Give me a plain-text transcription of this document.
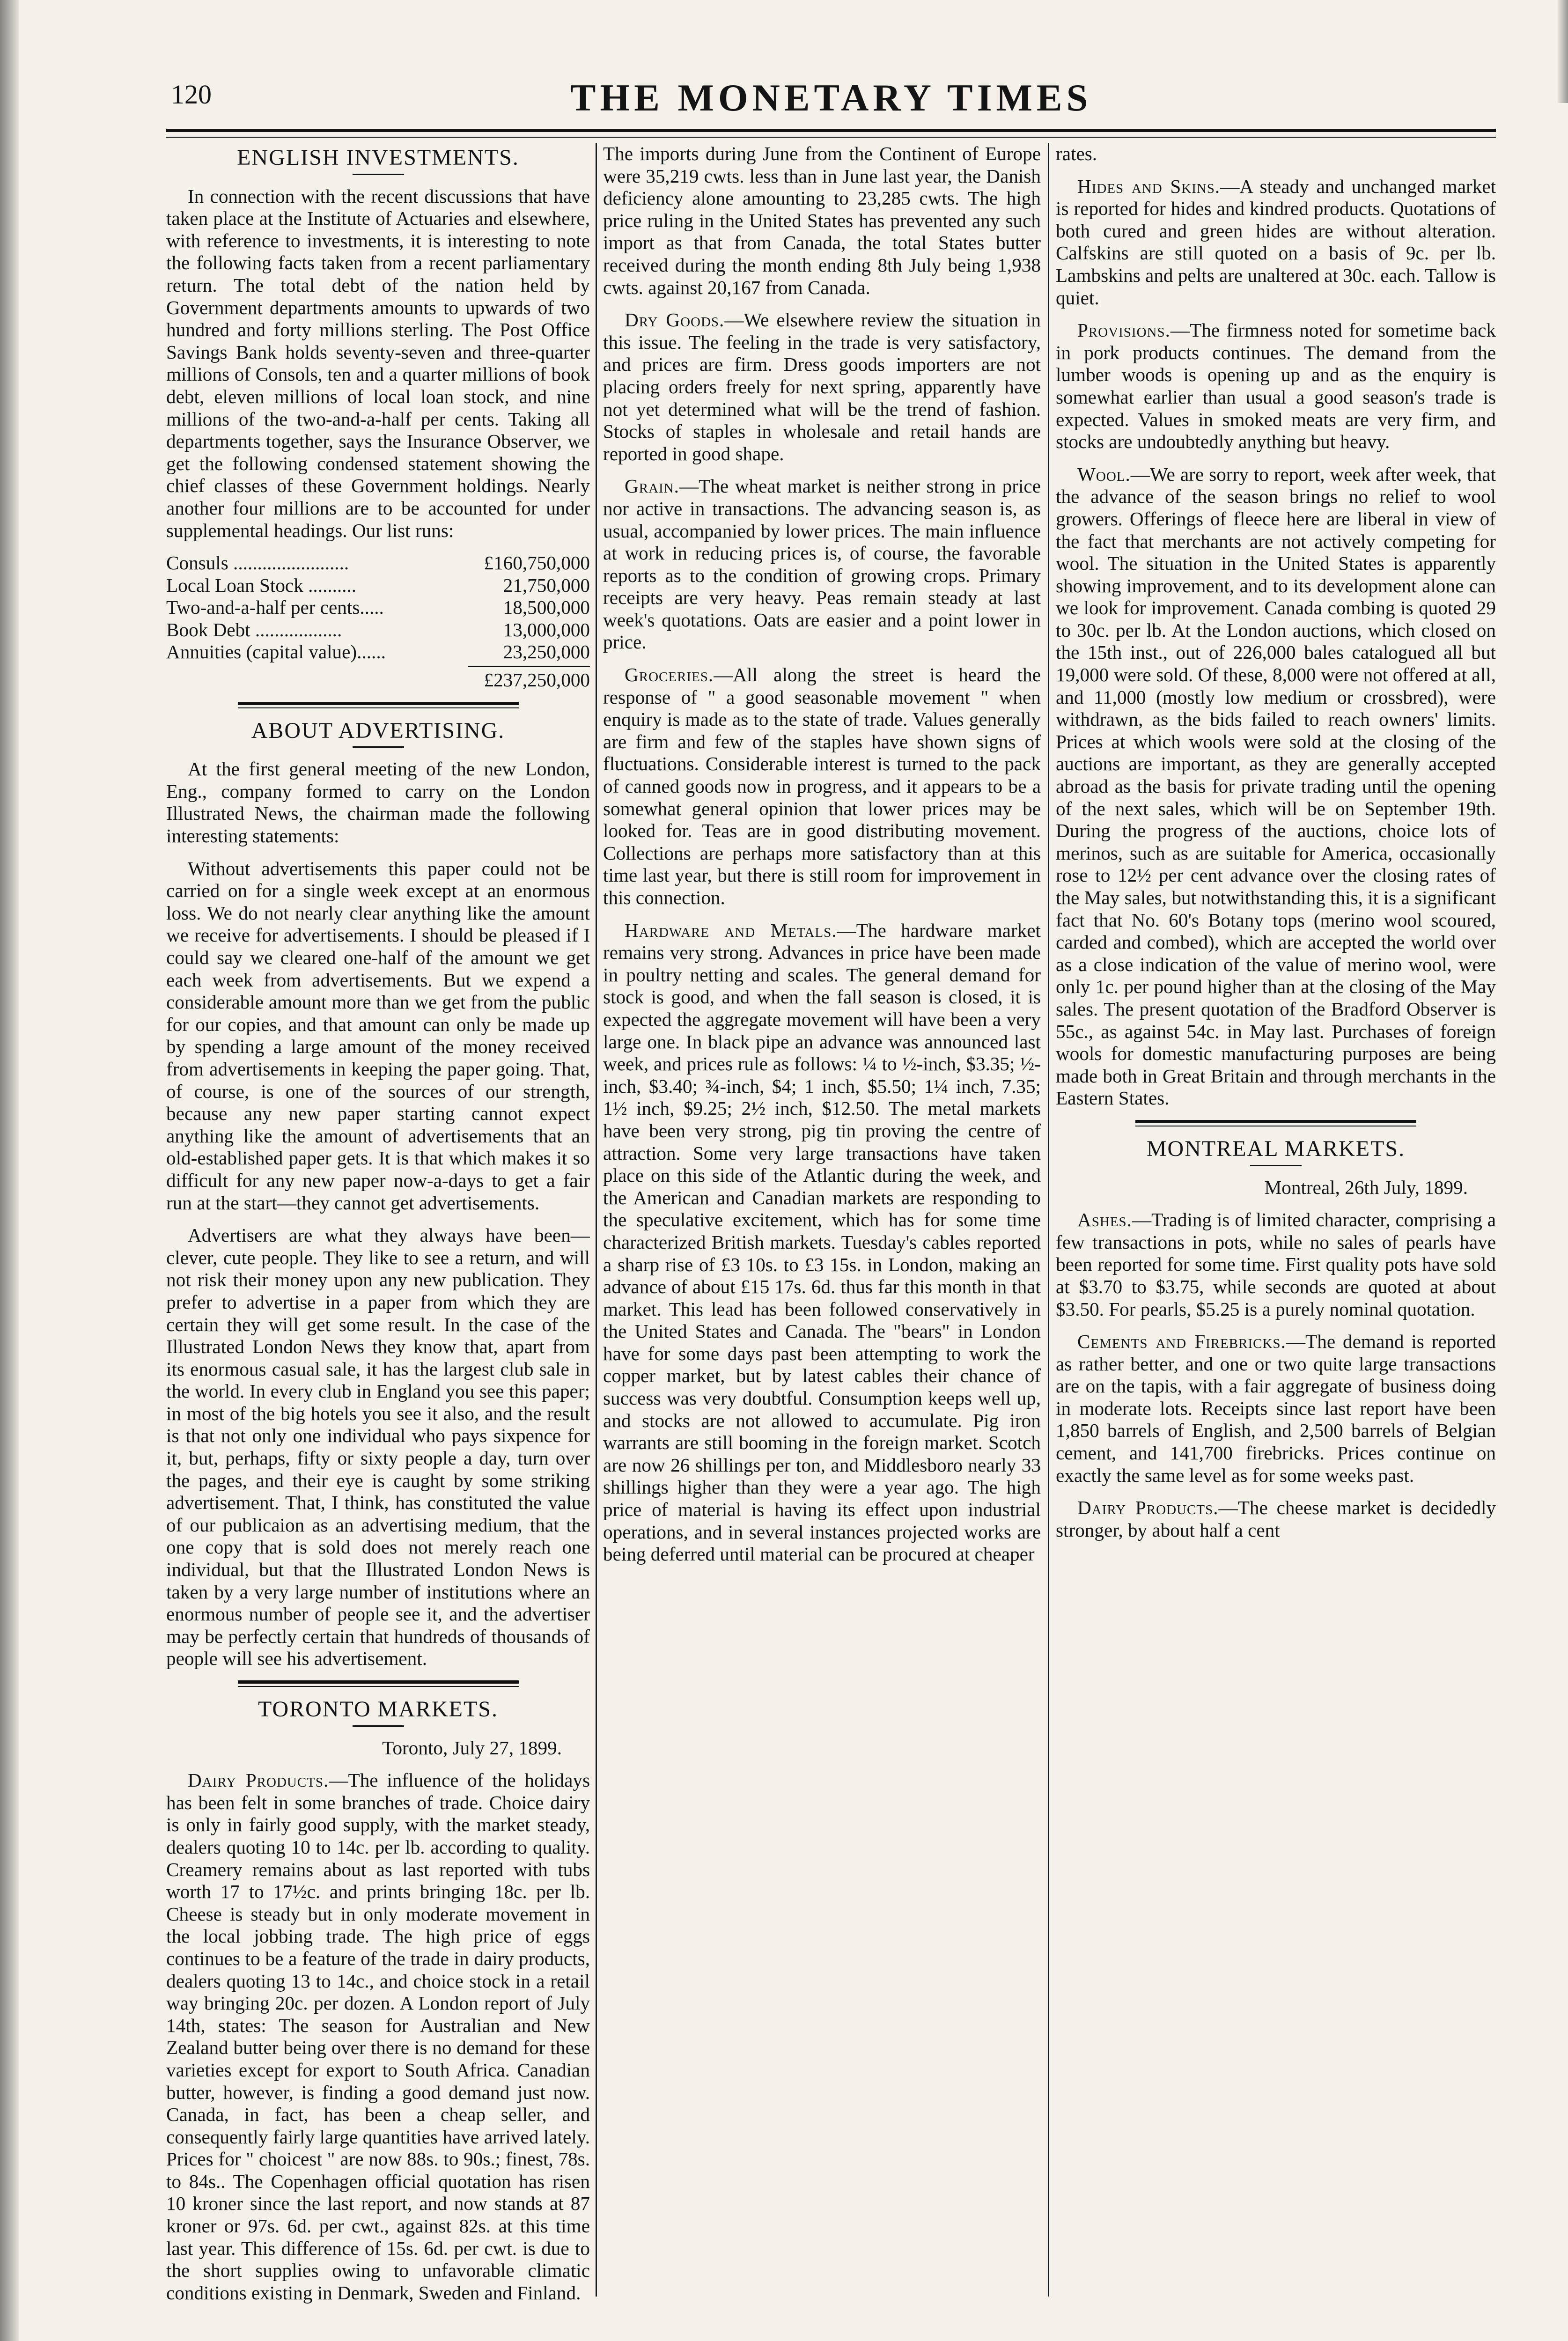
120	THE MONETARY TIMES
ENGLISH INVESTMENTS.

In connection with the recent discussions that have taken place at the Institute of Actuaries and elsewhere, with reference to investments, it is interesting to note the following facts taken from a recent parliamentary return. The total debt of the nation held by Government departments amounts to upwards of two hundred and forty millions sterling. The Post Office Savings Bank holds seventy-seven and three-quarter millions of Consols, ten and a quarter millions of book debt, eleven millions of local loan stock, and nine millions of the two-and-a-half per cents. Taking all departments together, says the Insurance Observer, we get the following condensed statement showing the chief classes of these Government holdings. Nearly another four millions are to be accounted for under supplemental headings. Our list runs:

Consuls ........................	£160,750,000
Local Loan Stock ..........	21,750,000
Two-and-a-half per cents.....	18,500,000
Book Debt ..................	13,000,000
Annuities (capital value)......	23,250,000
£237,250,000
ABOUT ADVERTISING.

At the first general meeting of the new London, Eng., company formed to carry on the London Illustrated News, the chairman made the following interesting statements:

Without advertisements this paper could not be carried on for a single week except at an enormous loss. We do not nearly clear anything like the amount we receive for advertisements. I should be pleased if I could say we cleared one-half of the amount we get each week from advertisements. But we expend a considerable amount more than we get from the public for our copies, and that amount can only be made up by spending a large amount of the money received from advertisements in keeping the paper going. That, of course, is one of the sources of our strength, because any new paper starting cannot expect anything like the amount of advertisements that an old-established paper gets. It is that which makes it so difficult for any new paper now-a-days to get a fair run at the start—they cannot get advertisements.

Advertisers are what they always have been—clever, cute people. They like to see a return, and will not risk their money upon any new publication. They prefer to advertise in a paper from which they are certain they will get some result. In the case of the Illustrated London News they know that, apart from its enormous casual sale, it has the largest club sale in the world. In every club in England you see this paper; in most of the big hotels you see it also, and the result is that not only one individual who pays sixpence for it, but, perhaps, fifty or sixty people a day, turn over the pages, and their eye is caught by some striking advertisement. That, I think, has constituted the value of our publicaion as an advertising medium, that the one copy that is sold does not merely reach one individual, but that the Illustrated London News is taken by a very large number of institutions where an enormous number of people see it, and the advertiser may be perfectly certain that hundreds of thousands of people will see his advertisement.

TORONTO MARKETS.

Toronto, July 27, 1899.

Dairy Products.—The influence of the holidays has been felt in some branches of trade. Choice dairy is only in fairly good supply, with the market steady, dealers quoting 10 to 14c. per lb. according to quality. Creamery remains about as last reported with tubs worth 17 to 17½c. and prints bringing 18c. per lb. Cheese is steady but in only moderate movement in the local jobbing trade. The high price of eggs continues to be a feature of the trade in dairy products, dealers quoting 13 to 14c., and choice stock in a retail way bringing 20c. per dozen. A London report of July 14th, states: The season for Australian and New Zealand butter being over there is no demand for these varieties except for export to South Africa. Canadian butter, however, is finding a good demand just now. Canada, in fact, has been a cheap seller, and consequently fairly large quantities have arrived lately. Prices for " choicest " are now 88s. to 90s.; finest, 78s. to 84s.. The Copenhagen official quotation has risen 10 kroner since the last report, and now stands at 87 kroner or 97s. 6d. per cwt., against 82s. at this time last year. This difference of 15s. 6d. per cwt. is due to the short supplies owing to unfavorable climatic conditions existing in Denmark, Sweden and Finland.

The imports during June from the Continent of Europe were 35,219 cwts. less than in June last year, the Danish deficiency alone amounting to 23,285 cwts. The high price ruling in the United States has prevented any such import as that from Canada, the total States butter received during the month ending 8th July being 1,938 cwts. against 20,167 from Canada.

Dry Goods.—We elsewhere review the situation in this issue. The feeling in the trade is very satisfactory, and prices are firm. Dress goods importers are not placing orders freely for next spring, apparently have not yet determined what will be the trend of fashion. Stocks of staples in wholesale and retail hands are reported in good shape.

Grain.—The wheat market is neither strong in price nor active in transactions. The advancing season is, as usual, accompanied by lower prices. The main influence at work in reducing prices is, of course, the favorable reports as to the condition of growing crops. Primary receipts are very heavy. Peas remain steady at last week's quotations. Oats are easier and a point lower in price.

Groceries.—All along the street is heard the response of " a good seasonable movement " when enquiry is made as to the state of trade. Values generally are firm and few of the staples have shown signs of fluctuations. Considerable interest is turned to the pack of canned goods now in progress, and it appears to be a somewhat general opinion that lower prices may be looked for. Teas are in good distributing movement. Collections are perhaps more satisfactory than at this time last year, but there is still room for improvement in this connection.

Hardware and Metals.—The hardware market remains very strong. Advances in price have been made in poultry netting and scales. The general demand for stock is good, and when the fall season is closed, it is expected the aggregate movement will have been a very large one. In black pipe an advance was announced last week, and prices rule as follows: ¼ to ½-inch, $3.35; ½-inch, $3.40; ¾-inch, $4; 1 inch, $5.50; 1¼ inch, 7.35; 1½ inch, $9.25; 2½ inch, $12.50. The metal markets have been very strong, pig tin proving the centre of attraction. Some very large transactions have taken place on this side of the Atlantic during the week, and the American and Canadian markets are responding to the speculative excitement, which has for some time characterized British markets. Tuesday's cables reported a sharp rise of £3 10s. to £3 15s. in London, making an advance of about £15 17s. 6d. thus far this month in that market. This lead has been followed conservatively in the United States and Canada. The "bears" in London have for some days past been attempting to work the copper market, but by latest cables their chance of success was very doubtful. Consumption keeps well up, and stocks are not allowed to accumulate. Pig iron warrants are still booming in the foreign market. Scotch are now 26 shillings per ton, and Middlesboro nearly 33 shillings higher than they were a year ago. The high price of material is having its effect upon industrial operations, and in several instances projected works are being deferred until material can be procured at cheaper

rates.

Hides and Skins.—A steady and unchanged market is reported for hides and kindred products. Quotations of both cured and green hides are without alteration. Calfskins are still quoted on a basis of 9c. per lb. Lambskins and pelts are unaltered at 30c. each. Tallow is quiet.

Provisions.—The firmness noted for sometime back in pork products continues. The demand from the lumber woods is opening up and as the enquiry is somewhat earlier than usual a good season's trade is expected. Values in smoked meats are very firm, and stocks are undoubtedly anything but heavy.

Wool.—We are sorry to report, week after week, that the advance of the season brings no relief to wool growers. Offerings of fleece here are liberal in view of the fact that merchants are not actively competing for wool. The situation in the United States is apparently showing improvement, and to its development alone can we look for improvement. Canada combing is quoted 29 to 30c. per lb. At the London auctions, which closed on the 15th inst., out of 226,000 bales catalogued all but 19,000 were sold. Of these, 8,000 were not offered at all, and 11,000 (mostly low medium or crossbred), were withdrawn, as the bids failed to reach owners' limits. Prices at which wools were sold at the closing of the auctions are important, as they are generally accepted abroad as the basis for private trading until the opening of the next sales, which will be on September 19th. During the progress of the auctions, choice lots of merinos, such as are suitable for America, occasionally rose to 12½ per cent advance over the closing rates of the May sales, but notwithstanding this, it is a significant fact that No. 60's Botany tops (merino wool scoured, carded and combed), which are accepted the world over as a close indication of the value of merino wool, were only 1c. per pound higher than at the closing of the May sales. The present quotation of the Bradford Observer is 55c., as against 54c. in May last. Purchases of foreign wools for domestic manufacturing purposes are being made both in Great Britain and through merchants in the Eastern States.

MONTREAL MARKETS.

Montreal, 26th July, 1899.

Ashes.—Trading is of limited character, comprising a few transactions in pots, while no sales of pearls have been reported for some time. First quality pots have sold at $3.70 to $3.75, while seconds are quoted at about $3.50. For pearls, $5.25 is a purely nominal quotation.

Cements and Firebricks.—The demand is reported as rather better, and one or two quite large transactions are on the tapis, with a fair aggregate of business doing in moderate lots. Receipts since last report have been 1,850 barrels of English, and 2,500 barrels of Belgian cement, and 141,700 firebricks. Prices continue on exactly the same level as for some weeks past.

Dairy Products.—The cheese market is decidedly stronger, by about half a cent
